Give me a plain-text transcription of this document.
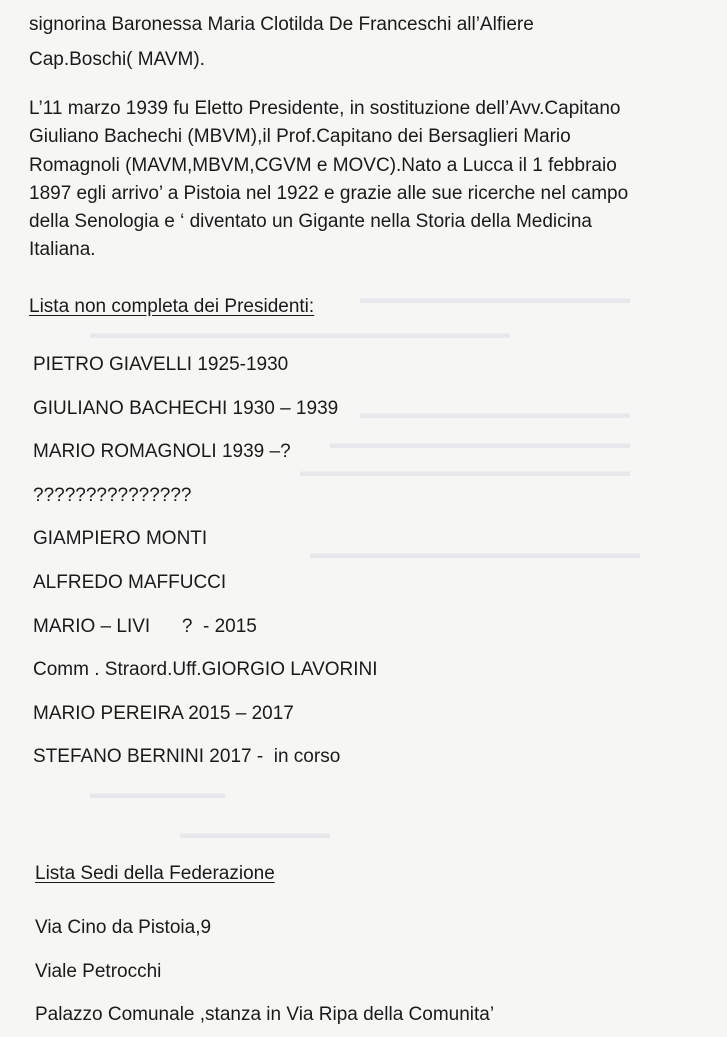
▬▬▬▬▬▬▬▬▬▬▬▬▬▬▬▬▬▬
▬▬▬▬▬▬▬▬▬▬▬▬▬▬▬▬▬▬▬▬▬▬▬▬▬▬▬▬
▬▬▬▬▬▬▬▬▬▬▬▬▬▬▬▬▬▬
▬▬▬▬▬▬▬▬▬▬▬▬▬▬▬▬▬▬▬▬
▬▬▬▬▬▬▬▬▬▬▬▬▬▬▬▬▬▬▬▬▬▬
▬▬▬▬▬▬▬▬▬▬▬▬▬▬▬▬▬▬▬▬▬▬
▬▬▬▬▬▬▬▬▬
▬▬▬▬▬▬▬▬▬▬
signorina Baronessa Maria Clotilda De Franceschi all’Alfiere
Cap.Boschi( MAVM).
L’11 marzo 1939 fu Eletto Presidente, in sostituzione dell’Avv.Capitano
Giuliano Bachechi (MBVM),il Prof.Capitano dei Bersaglieri Mario
Romagnoli (MAVM,MBVM,CGVM e MOVC).Nato a Lucca il 1 febbraio
1897 egli arrivo’ a Pistoia nel 1922 e grazie alle sue ricerche nel campo
della Senologia e ‘ diventato un Gigante nella Storia della Medicina
Italiana.
Lista non completa dei Presidenti:
PIETRO GIAVELLI 1925-1930
GIULIANO BACHECHI 1930 – 1939
MARIO ROMAGNOLI 1939 –?
???????????????
GIAMPIERO MONTI
ALFREDO MAFFUCCI
MARIO – LIVI      ?  - 2015
Comm . Straord.Uff.GIORGIO LAVORINI
MARIO PEREIRA 2015 – 2017
STEFANO BERNINI 2017 -  in corso
Lista Sedi della Federazione
Via Cino da Pistoia,9
Viale Petrocchi
Palazzo Comunale ,stanza in Via Ripa della Comunita’
